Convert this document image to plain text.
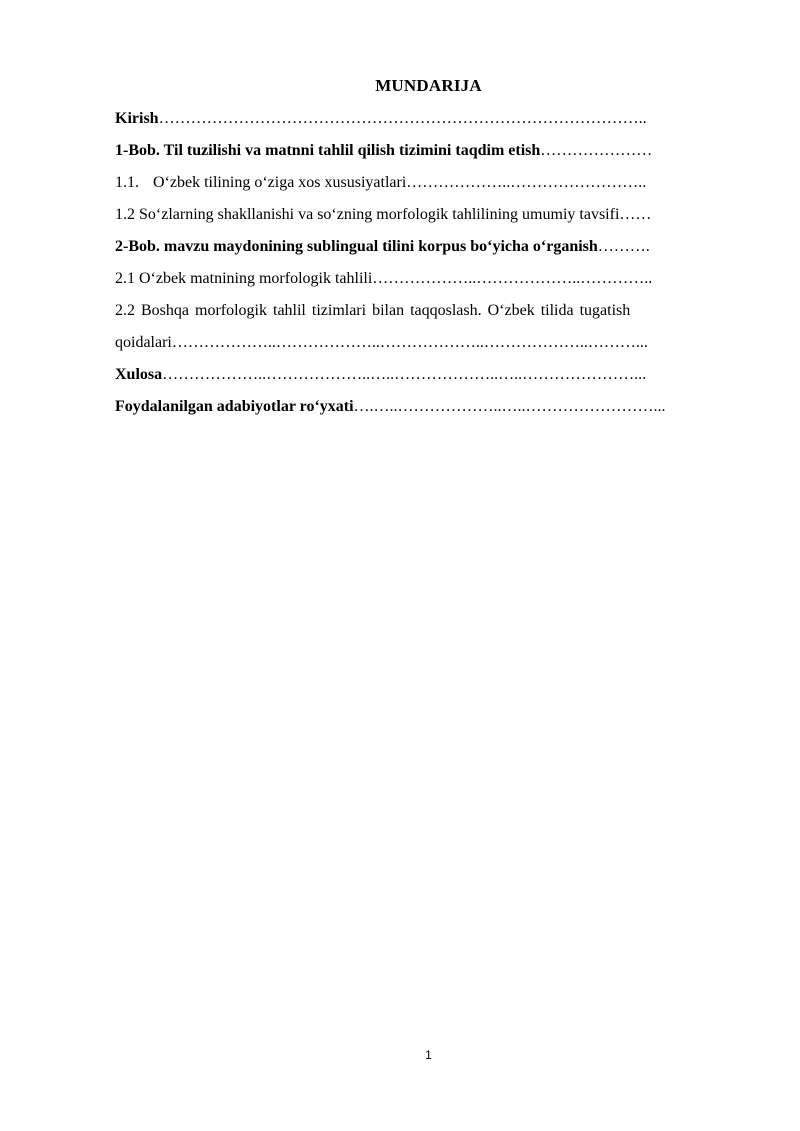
MUNDARIJA
Kirish………………………………………………………………………………..
1-Bob. Til tuzilishi va matnni tahlil qilish tizimini taqdim etish…………………
1.1. O‘zbek tilining o‘ziga xos xususiyatlari………………..……………………..
1.2 So‘zlarning shakllanishi va so‘zning morfologik tahlilining umumiy tavsifi……
2-Bob. mavzu maydonining sublingual tilini korpus bo‘yicha o‘rganish……….
2.1 O‘zbek matnining morfologik tahlili………………..………………..…………..
2.2 Boshqa morfologik tahlil tizimlari bilan taqqoslash. O‘zbek tilida tugatish
qoidalari………………..………………..………………..………………..………...
Xulosa………………..………………..…..………………..…..…………………...
Foydalanilgan adabiyotlar ro‘yxati….…..………………..…..……………………...
1
